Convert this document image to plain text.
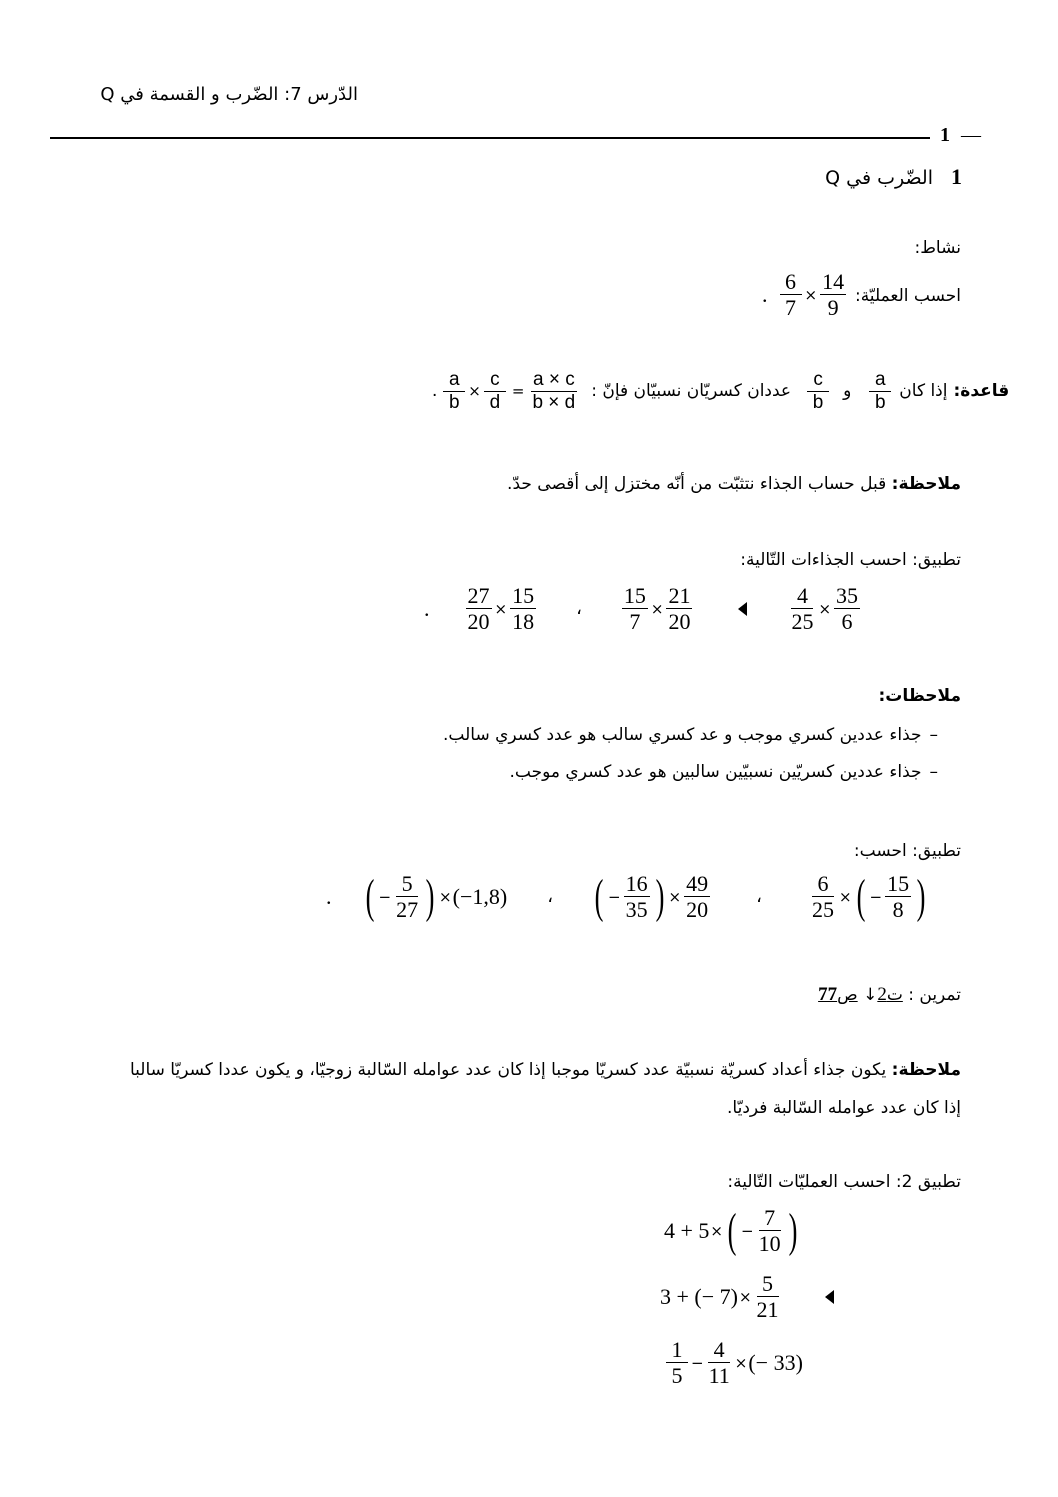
الدّرس 7: الضّرب و القسمة في Q
1 —
1الضّرب في Q
نشاط:
احسب العمليّة:
. $\frac{6}{7} \times \frac{14}{9}$
. $\frac{a}{b} \times \frac{c}{d} = \frac{a \times c}{b \times d}$ عددان كسريّان نسبيّان فإنّ : $\frac{c}{b}$ و $\frac{a}{b}$ إذا كان قاعدة:
ملاحظة: قبل حساب الجذاء نتثبّت من أنّه مختزل إلى أقصى حدّ.
تطبيق: احسب الجذاءات التّالية:
. $\frac{27}{20} \times \frac{15}{18}$ ، $\frac{15}{7} \times \frac{21}{20}$	$\frac{4}{25} \times \frac{35}{6}$
ملاحظات:
–جذاء عددين كسري موجب و عد كسري سالب هو عدد كسري سالب.
–جذاء عددين كسريّين نسبيّين سالبين هو عدد كسري موجب.
تطبيق: احسب:
. ( − $\frac{5}{27}$ ) × (−1,8) ، ( − $\frac{16}{35}$ ) × $\frac{49}{20}$	، $\frac{6}{25}$ × ( − $\frac{15}{8}$ )
تمرين : ت2↓ ص77
ملاحظة: يكون جذاء أعداد كسريّة نسبيّة عدد كسريّا موجبا إذا كان عدد عوامله السّالبة زوجيّا، و يكون عددا كسريّا سالبا
إذا كان عدد عوامله السّالبة فرديّا.
تطبيق 2: احسب العمليّات التّالية:
4 + 5 × ( − $\frac{7}{10}$ )
3 + (− $7) \times \frac{5}{21}$
$\frac{1}{5} - \frac{4}{11}$ × (− 33)
